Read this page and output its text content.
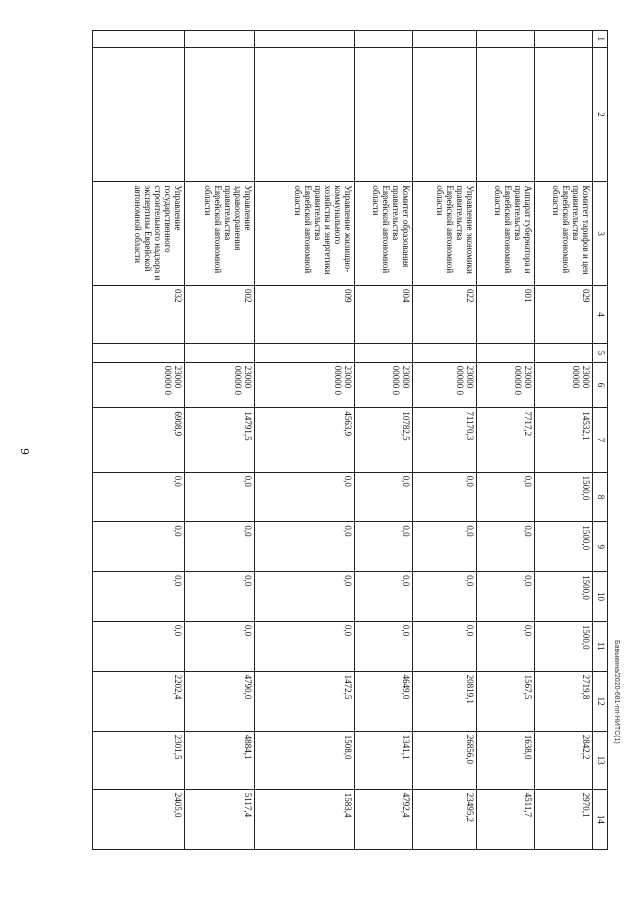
9
1	2	3	4	5	6	7	8	9	10	11	12	13	14
		Комитет тарифов и цен правительства Еврейской автономной области	029		23000 00000	14532,1	1500,0	1500,0	1500,0	1500,0	2719,8	2842,2	2970,1
		Аппарат губернатора и правительства Еврейской автономной области	001		23000 00000 0	7717,2	0,0	0,0	0,0	0,0	1567,5	1638,0	4511,7
		Управление экономики правительства Еврейской автономной области	022		23000 00000 0	71170,3	0,0	0,0	0,0	0,0	20819,1	26856,0	23495,2
		Комитет образования правительства Еврейской автономной области	004		23000 00000 0	10782,5	0,0	0,0	0,0	0,0	4649,0	1341,1	4792,4
		Управление жилищно-коммунального хозяйства и энергетики правительства Еврейской автономной области	009		23000 00000 0	4563,9	0,0	0,0	0,0	0,0	1472,5	1508,0	1583,4
		Управление здравоохранения правительства Еврейской автономной области	002		23000 00000 0	14791,5	0,0	0,0	0,0	0,0	4790,0	4884,1	5117,4
		Управление государственного строительного надзора и экспертизы Еврейской автономной области	032		23000 00000 0	6908,9	0,0	0,0	0,0	0,0	2202,4	2301,5	2405,0
Бавыкина/2020-681-пп-НИТС(1)
